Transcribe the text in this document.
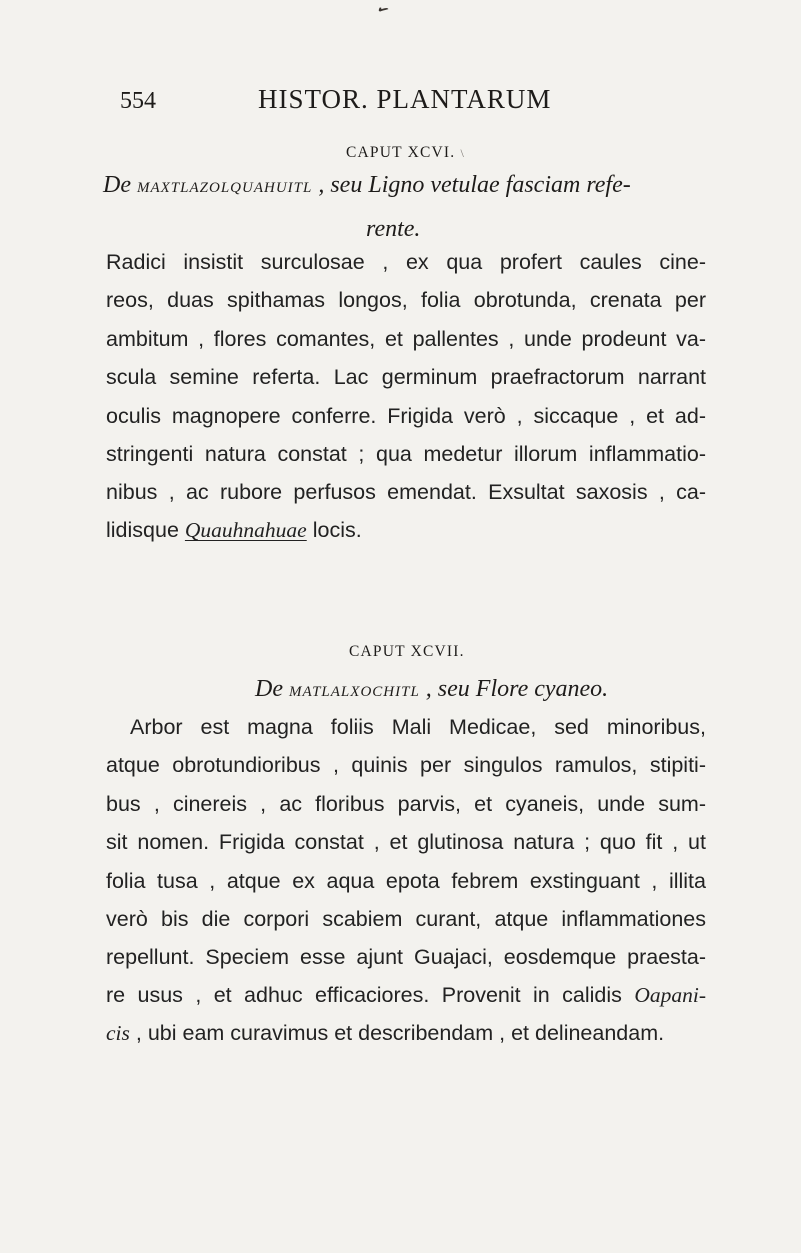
✔
554	HISTOR. PLANTARUM
CAPUT XCVI. \
De MAXTLAZOLQUAHUITL , seu Ligno vetulae fasciam refe-
rente.
Radici insistit surculosae , ex qua profert caules cine-
reos, duas spithamas longos, folia obrotunda, crenata per
ambitum , flores comantes, et pallentes , unde prodeunt va-
scula semine referta. Lac germinum praefractorum narrant
oculis magnopere conferre. Frigida verò , siccaque , et ad-
stringenti natura constat ; qua medetur illorum inflammatio-
nibus , ac rubore perfusos emendat. Exsultat saxosis , ca-
lidisque Quauhnahuae locis.
CAPUT XCVII.
De MATLALXOCHITL , seu Flore cyaneo.
Arbor est magna foliis Mali Medicae, sed minoribus,
atque obrotundioribus , quinis per singulos ramulos, stipiti-
bus , cinereis , ac floribus parvis, et cyaneis, unde sum-
sit nomen. Frigida constat , et glutinosa natura ; quo fit , ut
folia tusa , atque ex aqua epota febrem exstinguant , illita
verò bis die corpori scabiem curant, atque inflammationes
repellunt. Speciem esse ajunt Guajaci, eosdemque praesta-
re usus , et adhuc efficaciores. Provenit in calidis Oapani-
cis , ubi eam curavimus et describendam , et delineandam.
